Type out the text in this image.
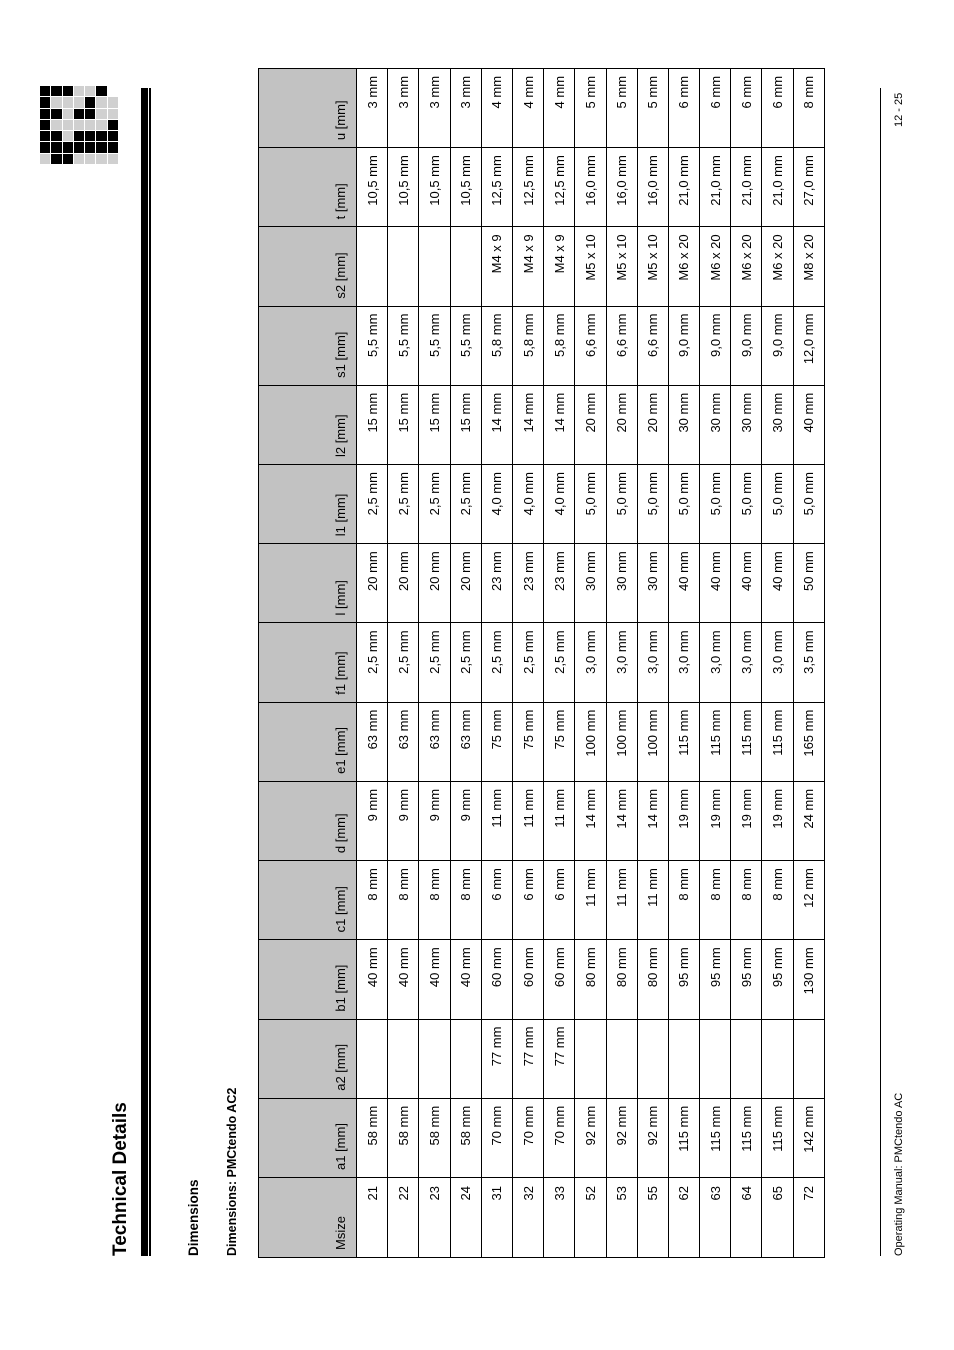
Technical Details	Dimensions Dimensions: PMCtendo AC2	Msize	a1 [mm]	a2 [mm]	b1 [mm]	c1 [mm]	d [mm]	e1 [mm]	f1 [mm]	l [mm]	l1 [mm]	l2 [mm]	s1 [mm]	s2 [mm]	t [mm]	u [mm]
21	58 mm		40 mm	8 mm	9 mm	63 mm	2,5 mm	20 mm	2,5 mm	15 mm	5,5 mm		10,5 mm	3 mm
22	58 mm		40 mm	8 mm	9 mm	63 mm	2,5 mm	20 mm	2,5 mm	15 mm	5,5 mm		10,5 mm	3 mm
23	58 mm		40 mm	8 mm	9 mm	63 mm	2,5 mm	20 mm	2,5 mm	15 mm	5,5 mm		10,5 mm	3 mm
24	58 mm		40 mm	8 mm	9 mm	63 mm	2,5 mm	20 mm	2,5 mm	15 mm	5,5 mm		10,5 mm	3 mm
31	70 mm	77 mm	60 mm	6 mm	11 mm	75 mm	2,5 mm	23 mm	4,0 mm	14 mm	5,8 mm	M4 x 9	12,5 mm	4 mm
32	70 mm	77 mm	60 mm	6 mm	11 mm	75 mm	2,5 mm	23 mm	4,0 mm	14 mm	5,8 mm	M4 x 9	12,5 mm	4 mm
33	70 mm	77 mm	60 mm	6 mm	11 mm	75 mm	2,5 mm	23 mm	4,0 mm	14 mm	5,8 mm	M4 x 9	12,5 mm	4 mm
52	92 mm		80 mm	11 mm	14 mm	100 mm	3,0 mm	30 mm	5,0 mm	20 mm	6,6 mm	M5 x 10	16,0 mm	5 mm
53	92 mm		80 mm	11 mm	14 mm	100 mm	3,0 mm	30 mm	5,0 mm	20 mm	6,6 mm	M5 x 10	16,0 mm	5 mm
55	92 mm		80 mm	11 mm	14 mm	100 mm	3,0 mm	30 mm	5,0 mm	20 mm	6,6 mm	M5 x 10	16,0 mm	5 mm
62	115 mm		95 mm	8 mm	19 mm	115 mm	3,0 mm	40 mm	5,0 mm	30 mm	9,0 mm	M6 x 20	21,0 mm	6 mm
63	115 mm		95 mm	8 mm	19 mm	115 mm	3,0 mm	40 mm	5,0 mm	30 mm	9,0 mm	M6 x 20	21,0 mm	6 mm
64	115 mm		95 mm	8 mm	19 mm	115 mm	3,0 mm	40 mm	5,0 mm	30 mm	9,0 mm	M6 x 20	21,0 mm	6 mm
65	115 mm		95 mm	8 mm	19 mm	115 mm	3,0 mm	40 mm	5,0 mm	30 mm	9,0 mm	M6 x 20	21,0 mm	6 mm
72	142 mm		130 mm	12 mm	24 mm	165 mm	3,5 mm	50 mm	5,0 mm	40 mm	12,0 mm	M8 x 20	27,0 mm	8 mm
Operating Manual: PMCtendo AC
12 - 25
